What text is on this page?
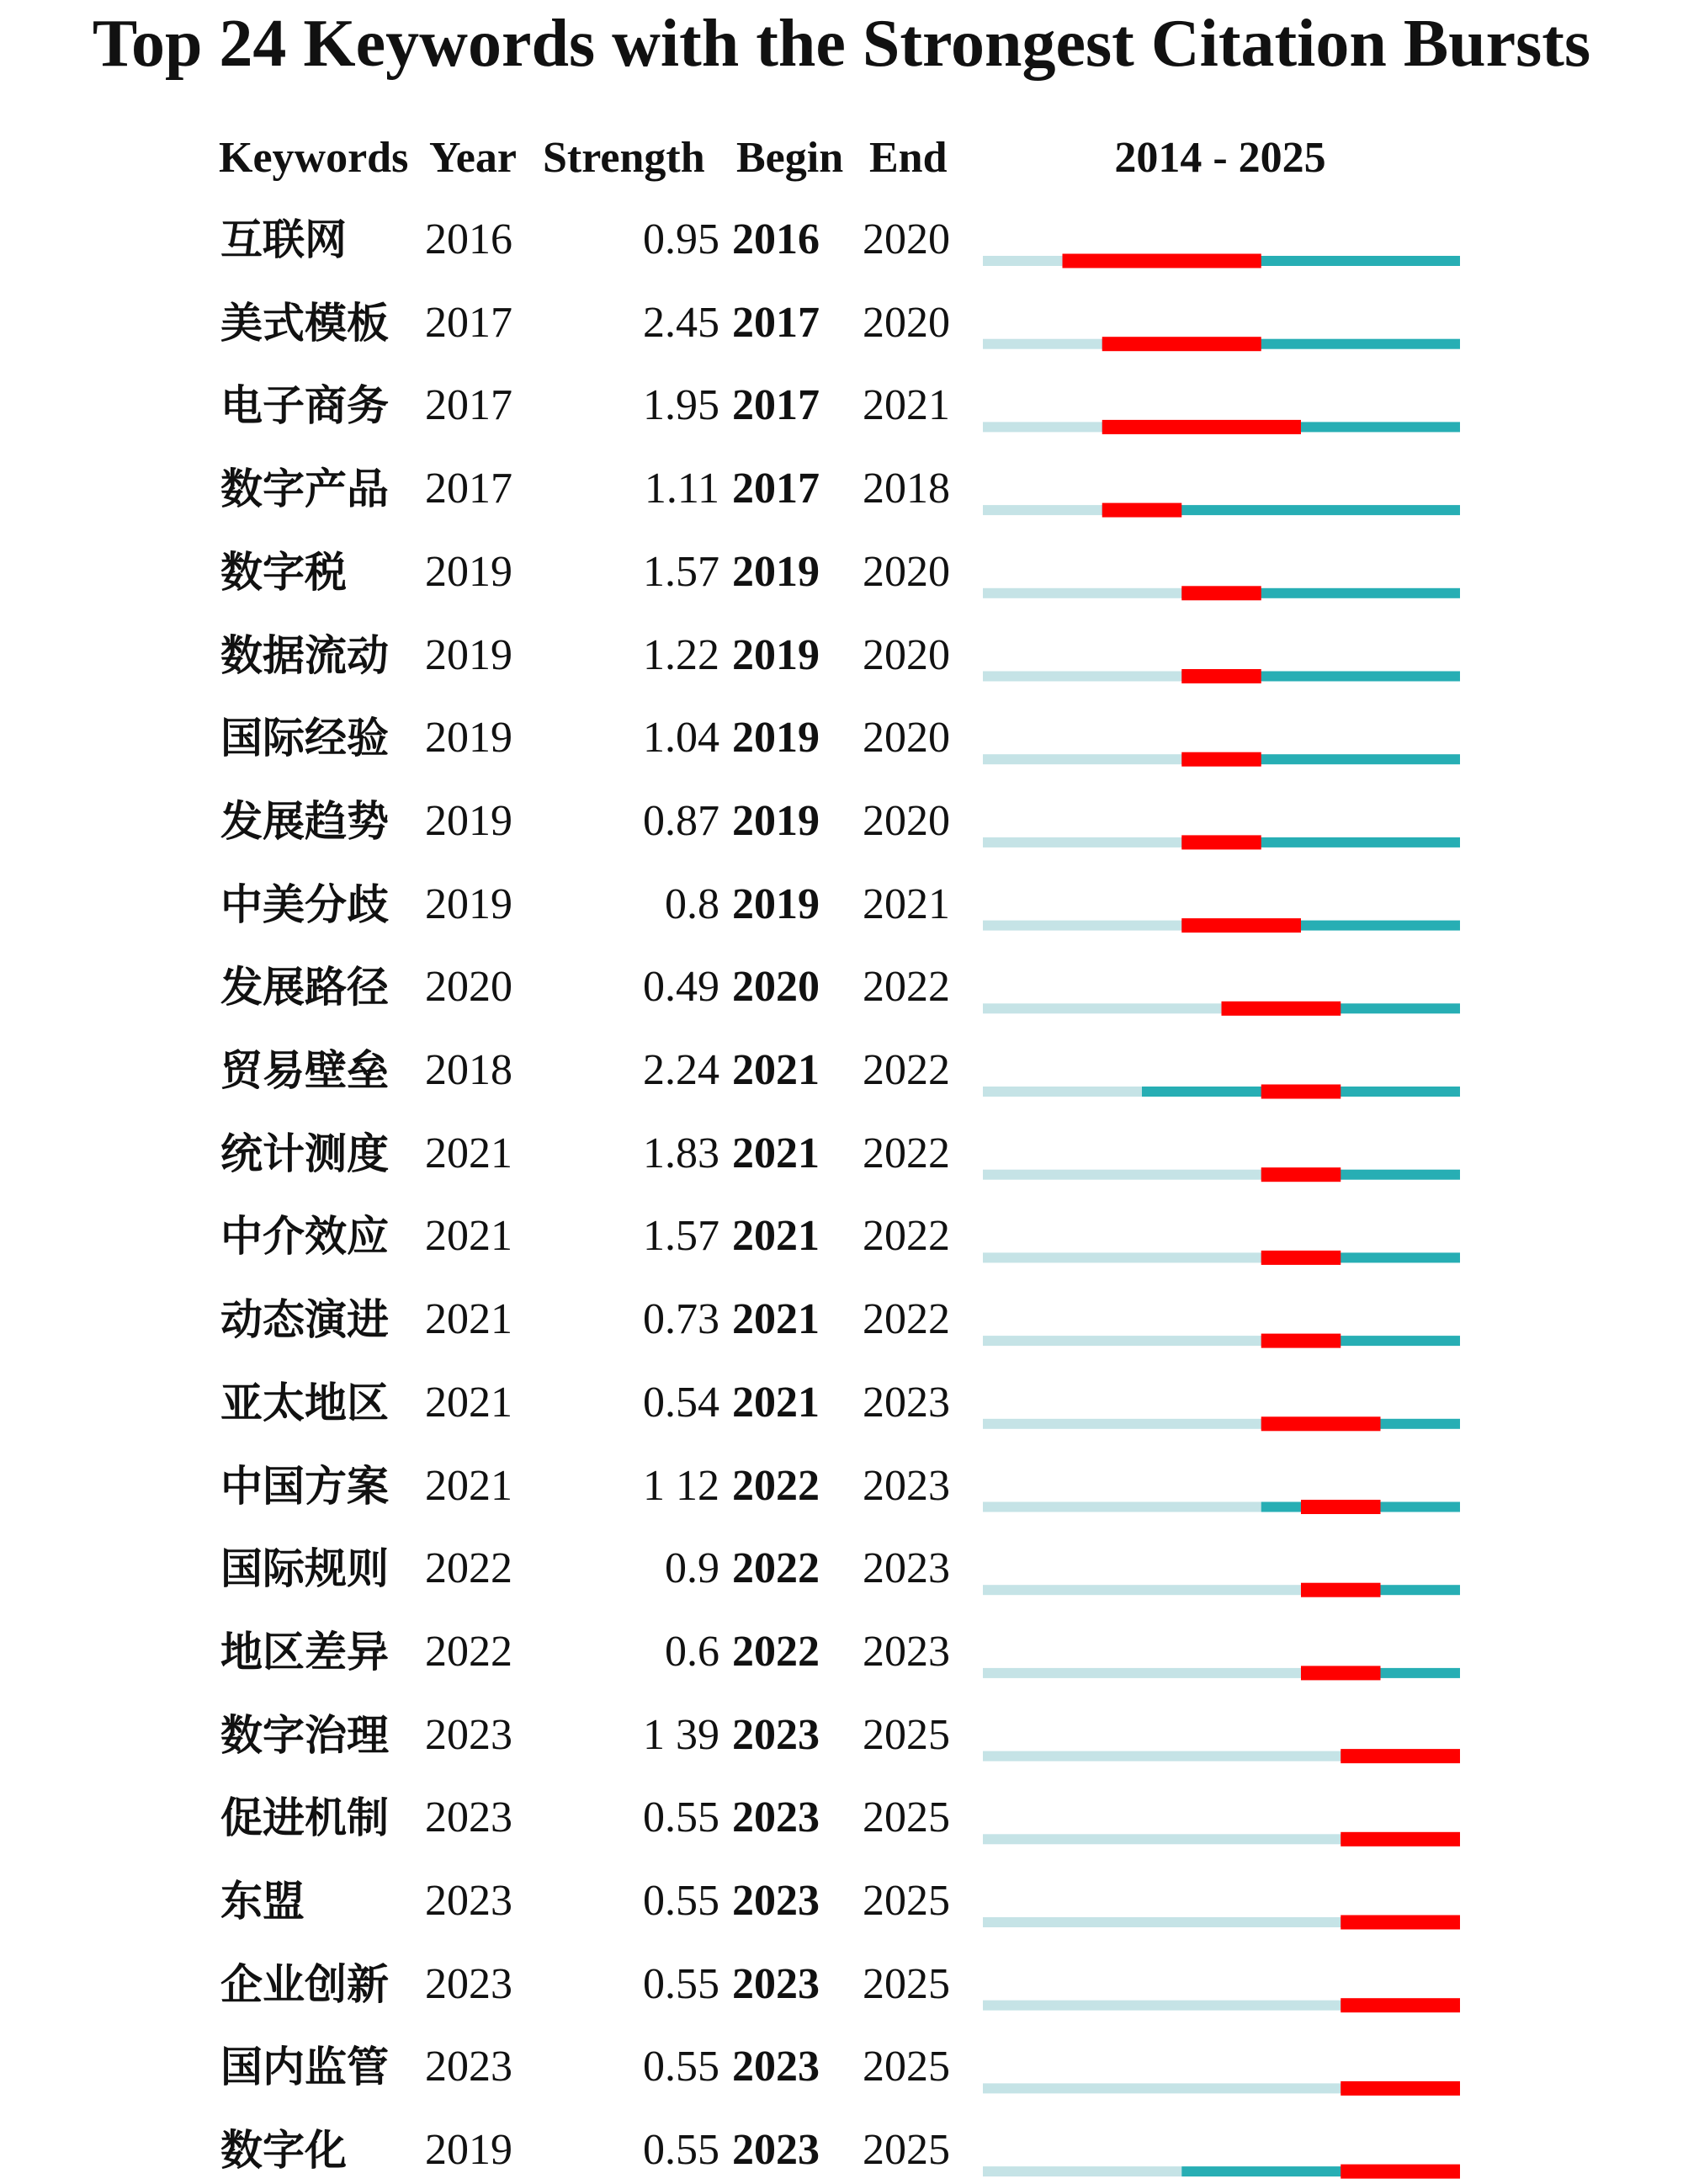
Top 24 Keywords with the Strongest Citation Bursts
Keywords Year Strength Begin End	2014 - 2025
互联网 2016	0.95 2016 2020
美式模板 2017	2.45 2017 2020
电子商务 2017	1.95 2017 2021
数字产品 2017	1.11 2017 2018
数字税 2019	1.57 2019 2020
数据流动 2019	1.22 2019 2020
国际经验 2019	1.04 2019 2020
发展趋势 2019	0.87 2019 2020
中美分歧 2019	0.8 2019 2021
发展路径 2020	0.49 2020 2022
贸易壁垒 2018	2.24 2021 2022
统计测度 2021	1.83 2021 2022
中介效应 2021	1.57 2021 2022
动态演进 2021	0.73 2021 2022
亚太地区 2021	0.54 2021 2023
中国方案 2021	1 12 2022 2023
国际规则 2022	0.9 2022 2023
地区差异 2022	0.6 2022 2023
数字治理 2023	1 39 2023 2025
促进机制 2023	0.55 2023 2025
东盟	2023	0.55 2023 2025
企业创新 2023	0.55 2023 2025
国内监管 2023	0.55 2023 2025
数字化 2019	0.55 2023 2025
